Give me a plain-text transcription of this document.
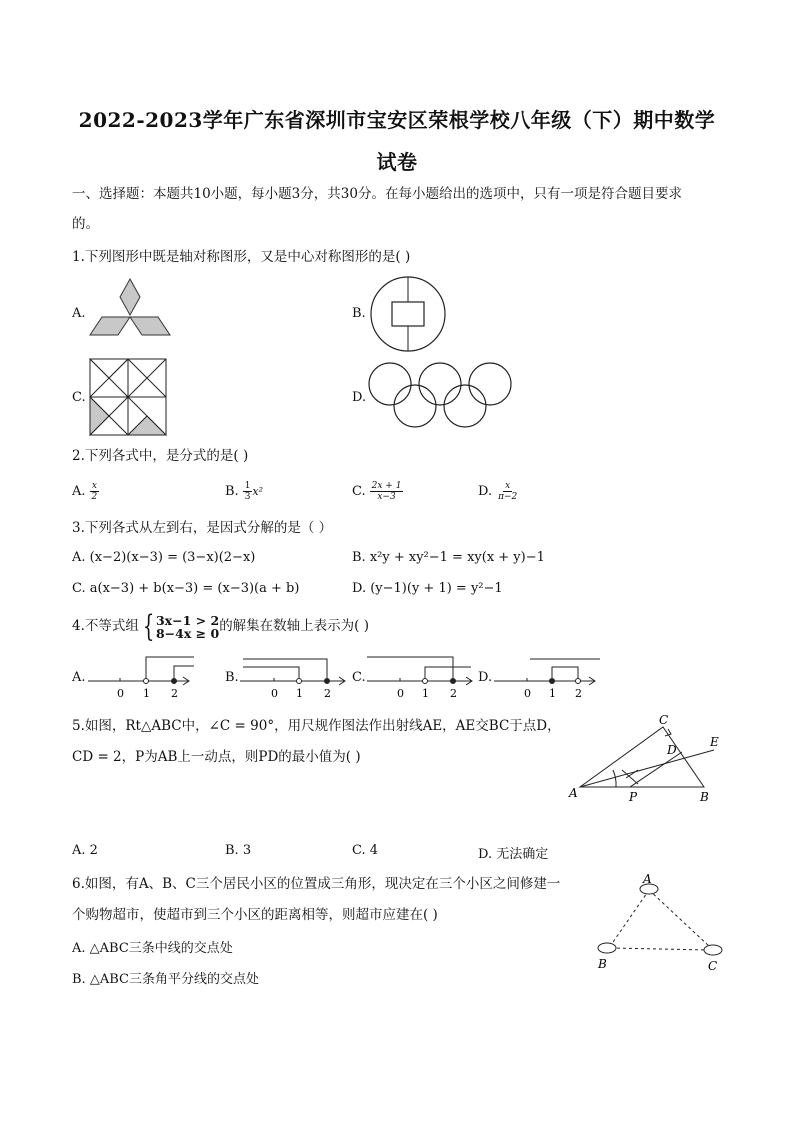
2022-2023学年广东省深圳市宝安区荣根学校八年级（下）期中数学
试卷
一、选择题：本题共10小题，每小题3分，共30分。在每小题给出的选项中，只有一项是符合题目要求
的。
1.下列图形中既是轴对称图形，又是中心对称图形的是( )
A.	B.
C.	D.
2.下列各式中，是分式的是( )
A. $\frac{x}{2}$	B. $\frac{1}{3} x^2$	C. $\frac{2x + 1}{x-3}$	D. $\frac{x}{\pi-2}$
3.下列各式从左到右，是因式分解的是（ ）
A. (x−2)(x−3) = (3−x)(2−x)	B. x²y + xy²−1 = xy(x + y)−1
C. a(x−3) + b(x−3) = (x−3)(a + b)	D. (y−1)(y + 1) = y²−1
4.不等式组 { 3x−1 > 2
8−4x ≥ 0 的解集在数轴上表示为( )
A.	B.	C.	D.
0 1 2	0 1 2	0 1 2	0 1 2
5.如图，Rt△ABC中，∠C = 90°，用尺规作图法作出射线AE，AE交BC于点D，
CD = 2，P为AB上一动点，则PD的最小值为( )
C
D
E
A	P	B
A. 2	B. 3	C. 4	D. 无法确定
6.如图，有A、B、C三个居民小区的位置成三角形，现决定在三个小区之间修建一
个购物超市，使超市到三个小区的距离相等，则超市应建在( )
A. △ABC三条中线的交点处
B. △ABC三条角平分线的交点处
A
B	C
